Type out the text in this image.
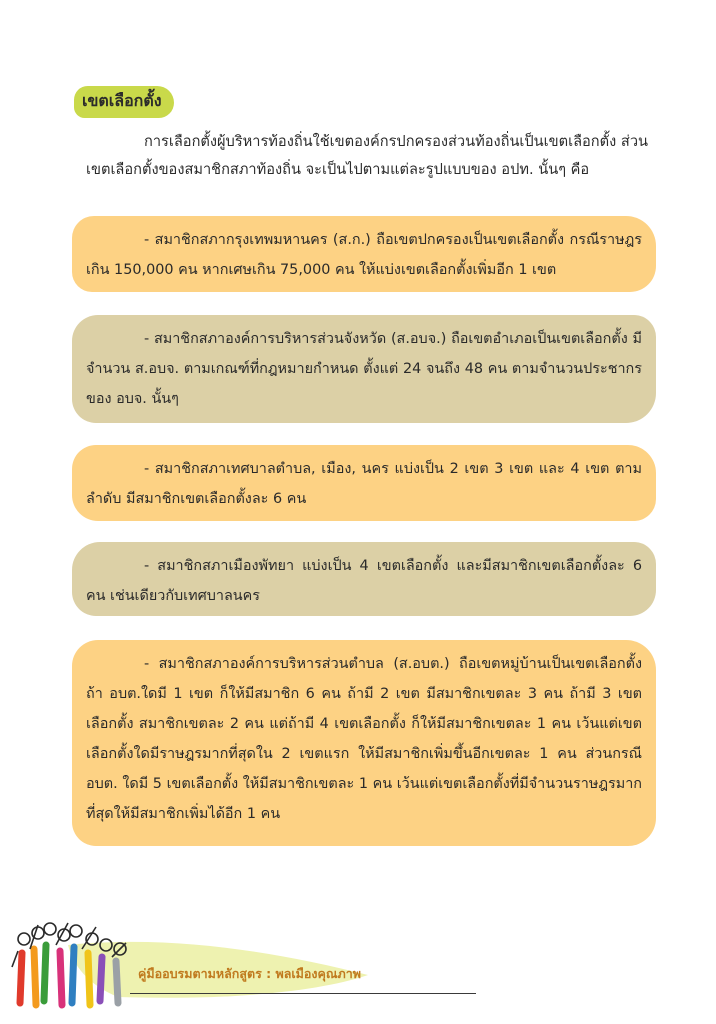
เขตเลือกตั้ง
การเลือกตั้งผู้บริหารท้องถิ่นใช้เขตองค์กรปกครองส่วนท้องถิ่นเป็นเขตเลือกตั้ง ส่วนเขตเลือกตั้งของสมาชิกสภาท้องถิ่น จะเป็นไปตามแต่ละรูปแบบของ อปท. นั้นๆ คือ
- สมาชิกสภากรุงเทพมหานคร (ส.ก.) ถือเขตปกครองเป็นเขตเลือกตั้ง กรณีราษฎรเกิน 150,000 คน หากเศษเกิน 75,000 คน ให้แบ่งเขตเลือกตั้งเพิ่มอีก 1 เขต
- สมาชิกสภาองค์การบริหารส่วนจังหวัด (ส.อบจ.) ถือเขตอำเภอเป็นเขตเลือกตั้ง มีจำนวน ส.อบจ. ตามเกณฑ์ที่กฎหมายกำหนด ตั้งแต่ 24 จนถึง 48 คน ตามจำนวนประชากรของ อบจ. นั้นๆ
- สมาชิกสภาเทศบาลตำบล, เมือง, นคร แบ่งเป็น 2 เขต 3 เขต และ 4 เขต ตามลำดับ มีสมาชิกเขตเลือกตั้งละ 6 คน
- สมาชิกสภาเมืองพัทยา แบ่งเป็น 4 เขตเลือกตั้ง และมีสมาชิกเขตเลือกตั้งละ 6 คน เช่นเดียวกับเทศบาลนคร
- สมาชิกสภาองค์การบริหารส่วนตำบล (ส.อบต.) ถือเขตหมู่บ้านเป็นเขตเลือกตั้ง ถ้า อบต.ใดมี 1 เขต ก็ให้มีสมาชิก 6 คน ถ้ามี 2 เขต มีสมาชิกเขตละ 3 คน ถ้ามี 3 เขตเลือกตั้ง สมาชิกเขตละ 2 คน แต่ถ้ามี 4 เขตเลือกตั้ง ก็ให้มีสมาชิกเขตละ 1 คน เว้นแต่เขตเลือกตั้งใดมีราษฎรมากที่สุดใน 2 เขตแรก ให้มีสมาชิกเพิ่มขึ้นอีกเขตละ 1 คน ส่วนกรณี อบต. ใดมี 5 เขตเลือกตั้ง ให้มีสมาชิกเขตละ 1 คน เว้นแต่เขตเลือกตั้งที่มีจำนวนราษฎรมากที่สุดให้มีสมาชิกเพิ่มได้อีก 1 คน
คู่มืออบรมตามหลักสูตร : พลเมืองคุณภาพ
